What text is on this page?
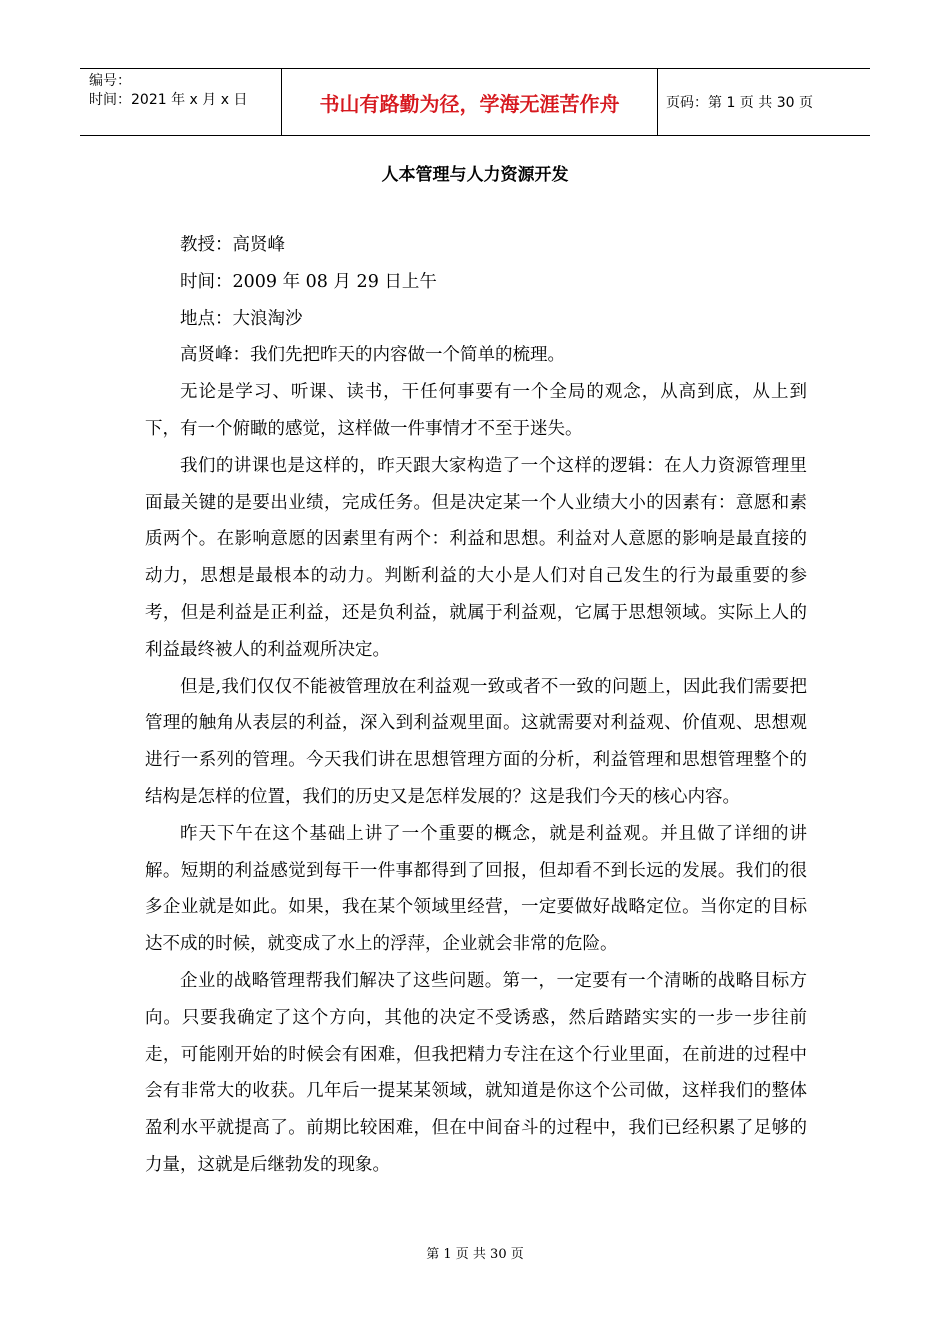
编号：
时间：2021 年 x 月 x 日	书山有路勤为径，学海无涯苦作舟	页码：第 1 页 共 30 页
人本管理与人力资源开发

教授：高贤峰

时间：2009 年 08 月 29 日上午

地点：大浪淘沙

高贤峰：我们先把昨天的内容做一个简单的梳理。

无论是学习、听课、读书，干任何事要有一个全局的观念，从高到底，从上到下，有一个俯瞰的感觉，这样做一件事情才不至于迷失。

我们的讲课也是这样的，昨天跟大家构造了一个这样的逻辑：在人力资源管理里面最关键的是要出业绩，完成任务。但是决定某一个人业绩大小的因素有：意愿和素质两个。在影响意愿的因素里有两个：利益和思想。利益对人意愿的影响是最直接的动力，思想是最根本的动力。判断利益的大小是人们对自己发生的行为最重要的参考，但是利益是正利益，还是负利益，就属于利益观，它属于思想领域。实际上人的利益最终被人的利益观所决定。

但是,我们仅仅不能被管理放在利益观一致或者不一致的问题上，因此我们需要把管理的触角从表层的利益，深入到利益观里面。这就需要对利益观、价值观、思想观进行一系列的管理。今天我们讲在思想管理方面的分析，利益管理和思想管理整个的结构是怎样的位置，我们的历史又是怎样发展的？这是我们今天的核心内容。

昨天下午在这个基础上讲了一个重要的概念，就是利益观。并且做了详细的讲解。短期的利益感觉到每干一件事都得到了回报，但却看不到长远的发展。我们的很多企业就是如此。如果，我在某个领域里经营，一定要做好战略定位。当你定的目标达不成的时候，就变成了水上的浮萍，企业就会非常的危险。

企业的战略管理帮我们解决了这些问题。第一，一定要有一个清晰的战略目标方向。只要我确定了这个方向，其他的决定不受诱惑，然后踏踏实实的一步一步往前走，可能刚开始的时候会有困难，但我把精力专注在这个行业里面，在前进的过程中会有非常大的收获。几年后一提某某领域，就知道是你这个公司做，这样我们的整体盈利水平就提高了。前期比较困难，但在中间奋斗的过程中，我们已经积累了足够的力量，这就是后继勃发的现象。

第 1 页 共 30 页
